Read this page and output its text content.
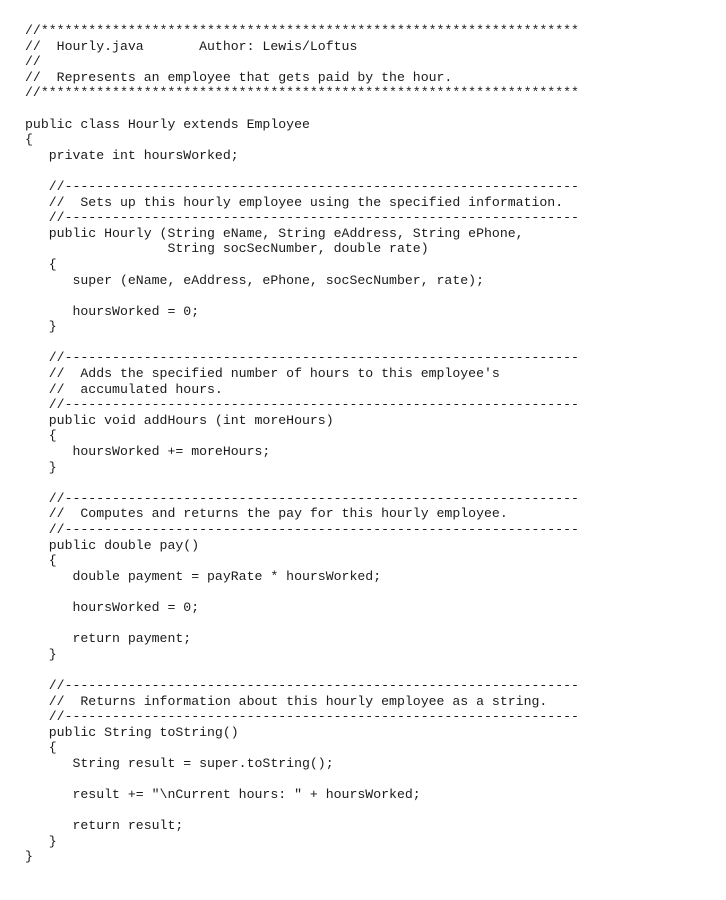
//********************************************************************
//  Hourly.java       Author: Lewis/Loftus
//
//  Represents an employee that gets paid by the hour.
//********************************************************************
public class Hourly extends Employee
{
private int hoursWorked;
//-----------------------------------------------------------------
//  Sets up this hourly employee using the specified information.
//-----------------------------------------------------------------
public Hourly (String eName, String eAddress, String ePhone,
String socSecNumber, double rate)
{
super (eName, eAddress, ePhone, socSecNumber, rate);
hoursWorked = 0;
}
//-----------------------------------------------------------------
//  Adds the specified number of hours to this employee's
//  accumulated hours.
//-----------------------------------------------------------------
public void addHours (int moreHours)
{
hoursWorked += moreHours;
}
//-----------------------------------------------------------------
//  Computes and returns the pay for this hourly employee.
//-----------------------------------------------------------------
public double pay()
{
double payment = payRate * hoursWorked;
hoursWorked = 0;
return payment;
}
//-----------------------------------------------------------------
//  Returns information about this hourly employee as a string.
//-----------------------------------------------------------------
public String toString()
{
String result = super.toString();
result += "\nCurrent hours: " + hoursWorked;
return result;
}
}
